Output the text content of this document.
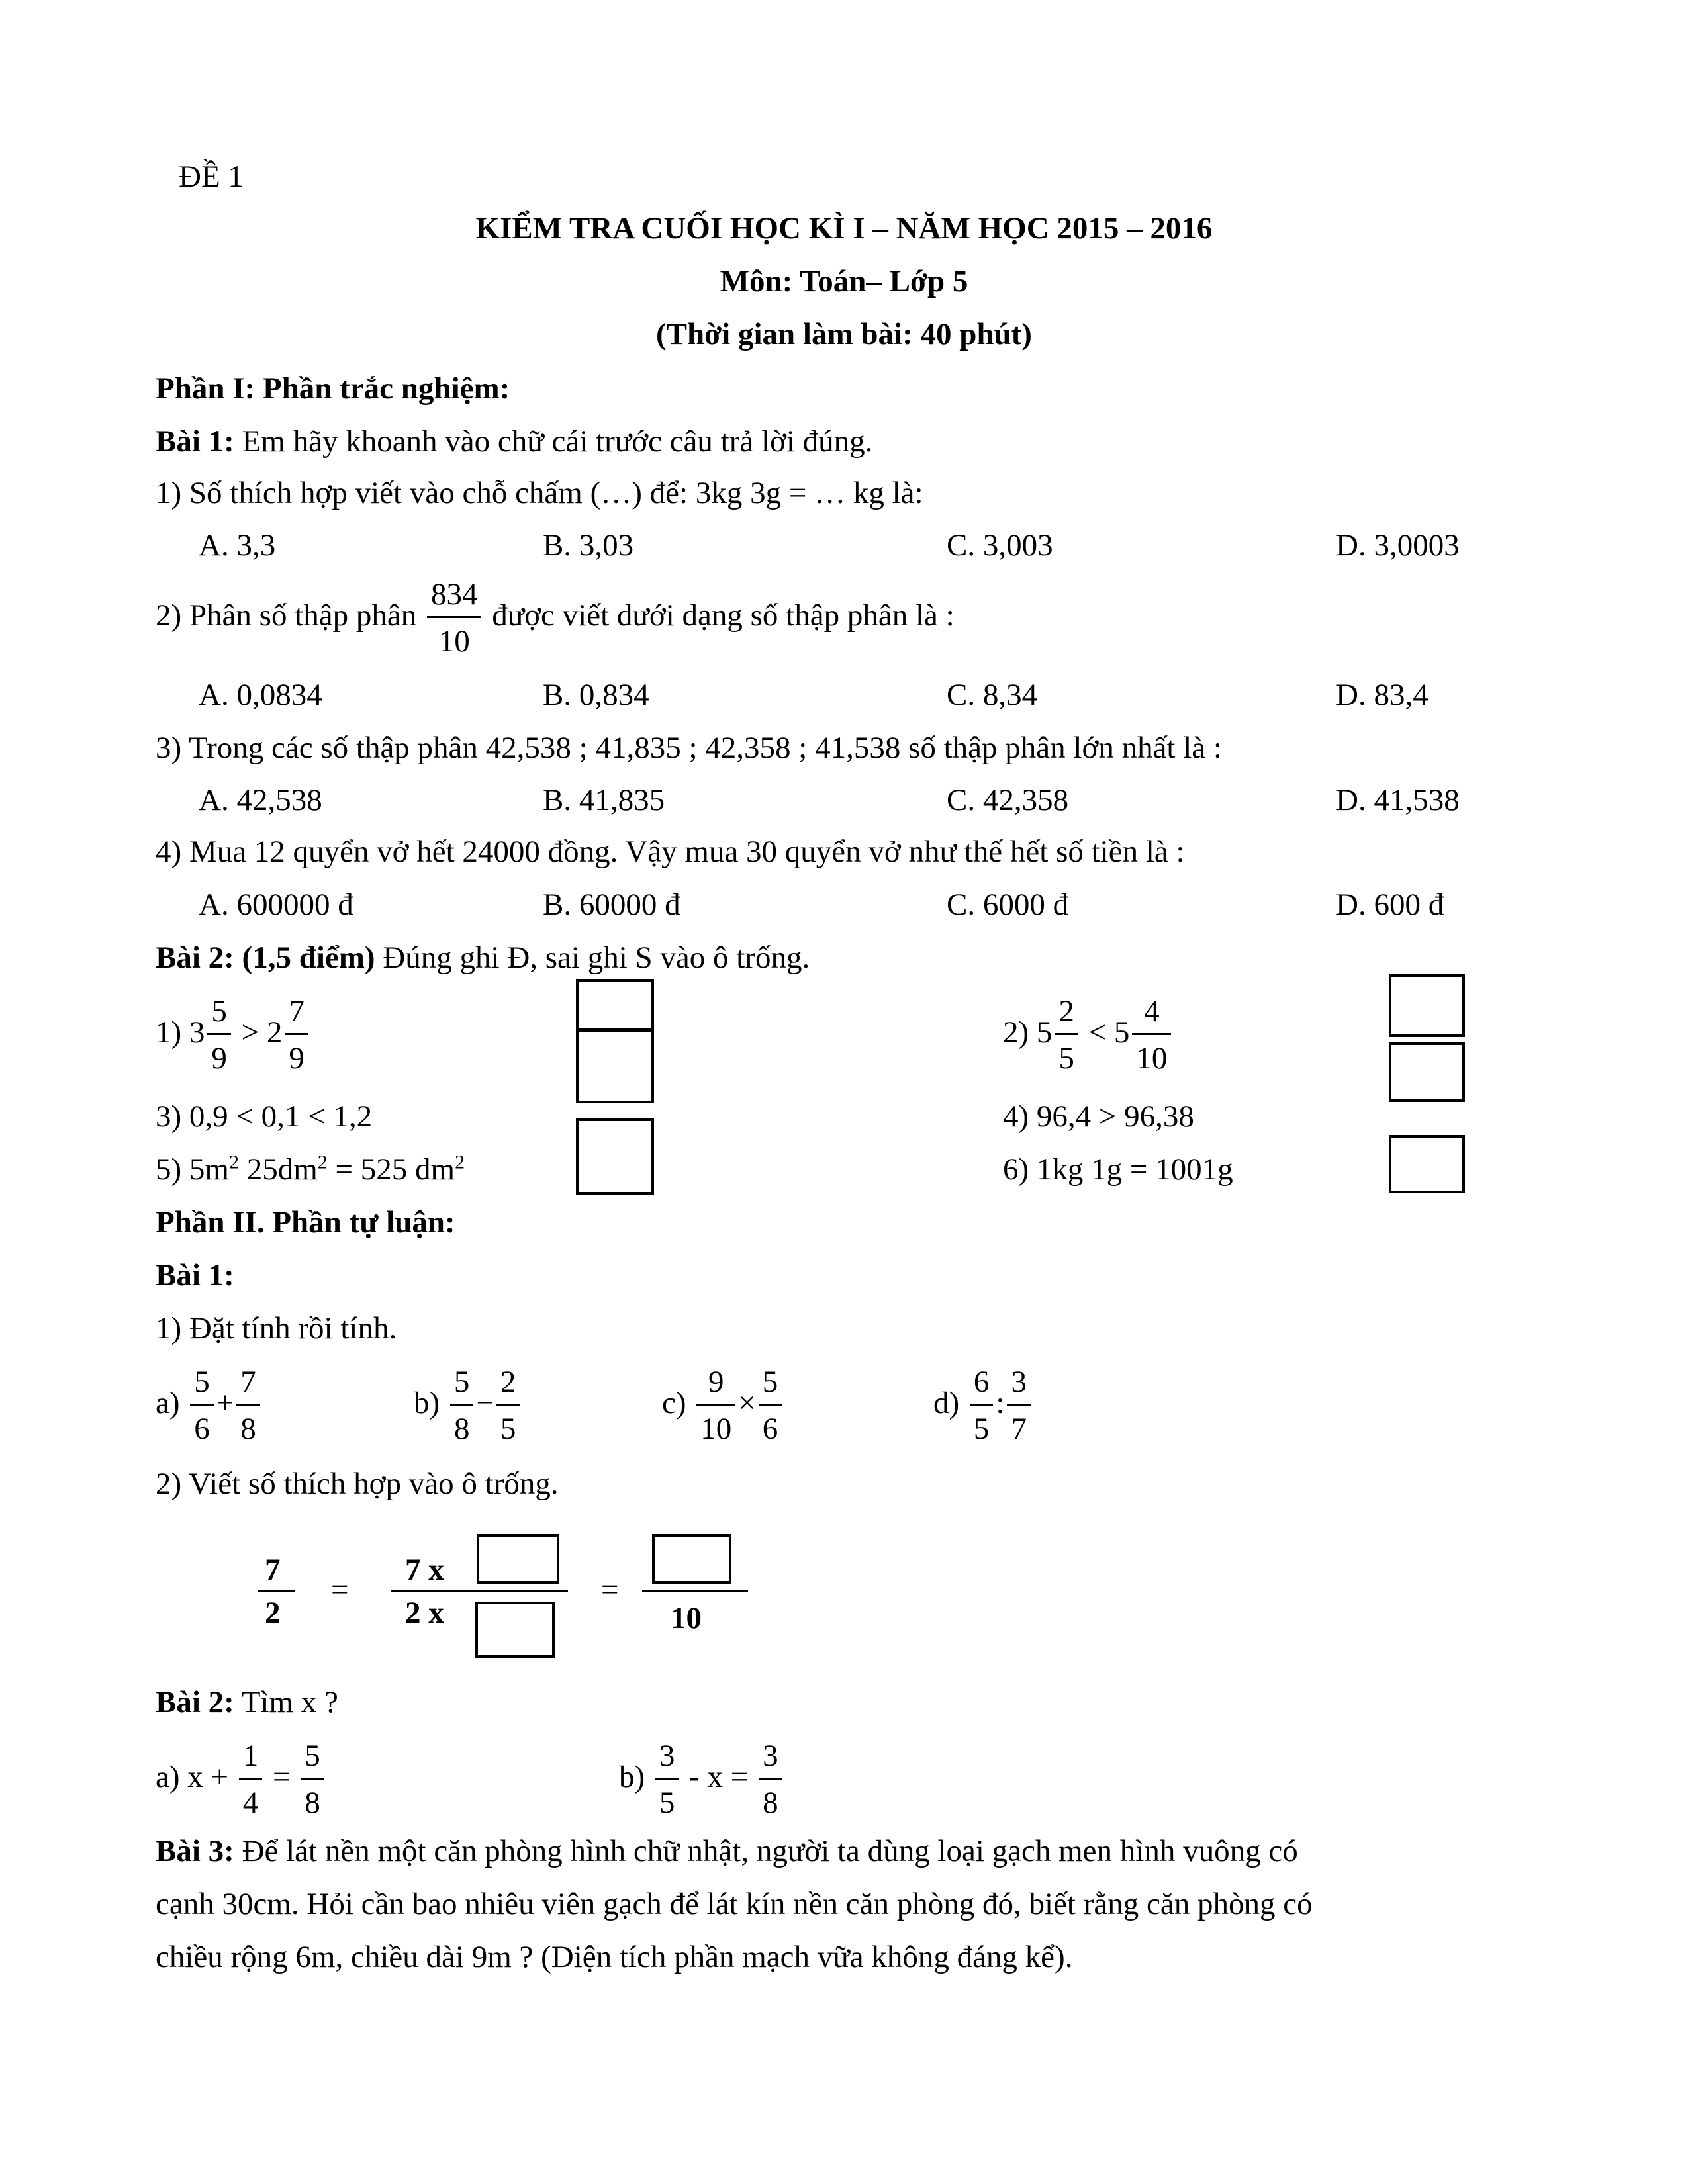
ĐỀ 1
KIỂM TRA CUỐI HỌC KÌ I – NĂM HỌC 2015 – 2016
Môn: Toán– Lớp 5
(Thời gian làm bài: 40 phút)
Phần I: Phần trắc nghiệm:
Bài 1: Em hãy khoanh vào chữ cái trước câu trả lời đúng.
1) Số thích hợp viết vào chỗ chấm (…) để: 3kg 3g = … kg là:
A. 3,3	B. 3,03	C. 3,003	D. 3,0003
2) Phân số thập phân $\frac{834}{10}$ được viết dưới dạng số thập phân là :
A. 0,0834	B. 0,834	C. 8,34	D. 83,4
3) Trong các số thập phân 42,538 ; 41,835 ; 42,358 ; 41,538 số thập phân lớn nhất là :
A. 42,538	B. 41,835	C. 42,358	D. 41,538
4) Mua 12 quyển vở hết 24000 đồng. Vậy mua 30 quyển vở như thế hết số tiền là :
A. 600000 đ	B. 60000 đ	C. 6000 đ	D. 600 đ
Bài 2: (1,5 điểm) Đúng ghi Đ, sai ghi S vào ô trống.
1) $3 \frac{5}{9} > 2 \frac{7}{9}$	2) $5 \frac{2}{5} < 5 \frac{4}{10}$
3) 0,9 < 0,1 < 1,2	4) 96,4 > 96,38
5) $5m^2$ $25dm^2 = 525$ $dm^2$	6) 1kg 1g = 1001g
Phần II. Phần tự luận:
Bài 1:
1) Đặt tính rồi tính.
$a) \frac{5}{6} + \frac{7}{8}$	$b) \frac{5}{8} - \frac{2}{5}$	$c) \frac{9}{10} \times \frac{5}{6}$	$d) \frac{6}{5}$ : $\frac{3}{7}$
2) Viết số thích hợp vào ô trống.
7
2
=
7 x
2 x
=
10
Bài 2: Tìm x ?
a) $x + \frac{1}{4} = \frac{5}{8}$	$b) \frac{3}{5} - x = \frac{3}{8}$
Bài 3: Để lát nền một căn phòng hình chữ nhật, người ta dùng loại gạch men hình vuông có
cạnh 30cm. Hỏi cần bao nhiêu viên gạch để lát kín nền căn phòng đó, biết rằng căn phòng có
chiều rộng 6m, chiều dài 9m ? (Diện tích phần mạch vữa không đáng kể).
